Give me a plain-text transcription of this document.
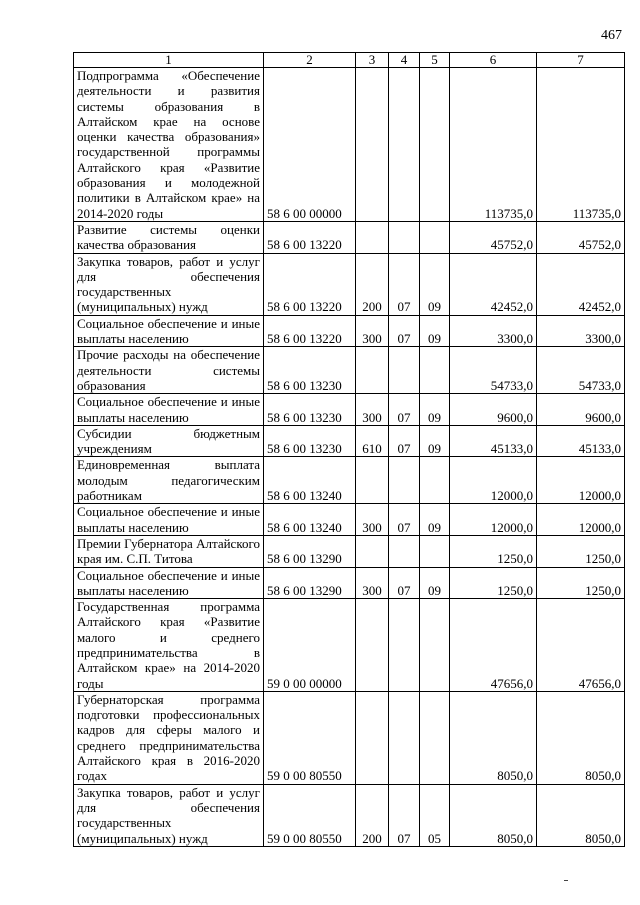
467
1	2	3	4	5	6	7
Подпрограмма «Обеспечение деятельности и развития системы образования в Алтайском крае на основе оценки качества образования» государственной программы Алтайского края «Развитие образования и молодежной политики в Алтайском крае» на 2014-2020 годы	58 6 00 00000				113735,0	113735,0
Развитие системы оценки качества образования	58 6 00 13220				45752,0	45752,0
Закупка товаров, работ и услуг для обеспечения государственных (муниципальных) нужд	58 6 00 13220	200	07	09	42452,0	42452,0
Социальное обеспечение и иные выплаты населению	58 6 00 13220	300	07	09	3300,0	3300,0
Прочие расходы на обеспечение деятельности системы образования	58 6 00 13230				54733,0	54733,0
Социальное обеспечение и иные выплаты населению	58 6 00 13230	300	07	09	9600,0	9600,0
Субсидии бюджетным учреждениям	58 6 00 13230	610	07	09	45133,0	45133,0
Единовременная выплата молодым педагогическим работникам	58 6 00 13240				12000,0	12000,0
Социальное обеспечение и иные выплаты населению	58 6 00 13240	300	07	09	12000,0	12000,0
Премии Губернатора Алтайского края им. С.П. Титова	58 6 00 13290				1250,0	1250,0
Социальное обеспечение и иные выплаты населению	58 6 00 13290	300	07	09	1250,0	1250,0
Государственная программа Алтайского края «Развитие малого и среднего предпринимательства в Алтайском крае» на 2014-2020 годы	59 0 00 00000				47656,0	47656,0
Губернаторская программа подготовки профессиональных кадров для сферы малого и среднего предпринимательства Алтайского края в 2016-2020 годах	59 0 00 80550				8050,0	8050,0
Закупка товаров, работ и услуг для обеспечения государственных (муниципальных) нужд	59 0 00 80550	200	07	05	8050,0	8050,0
